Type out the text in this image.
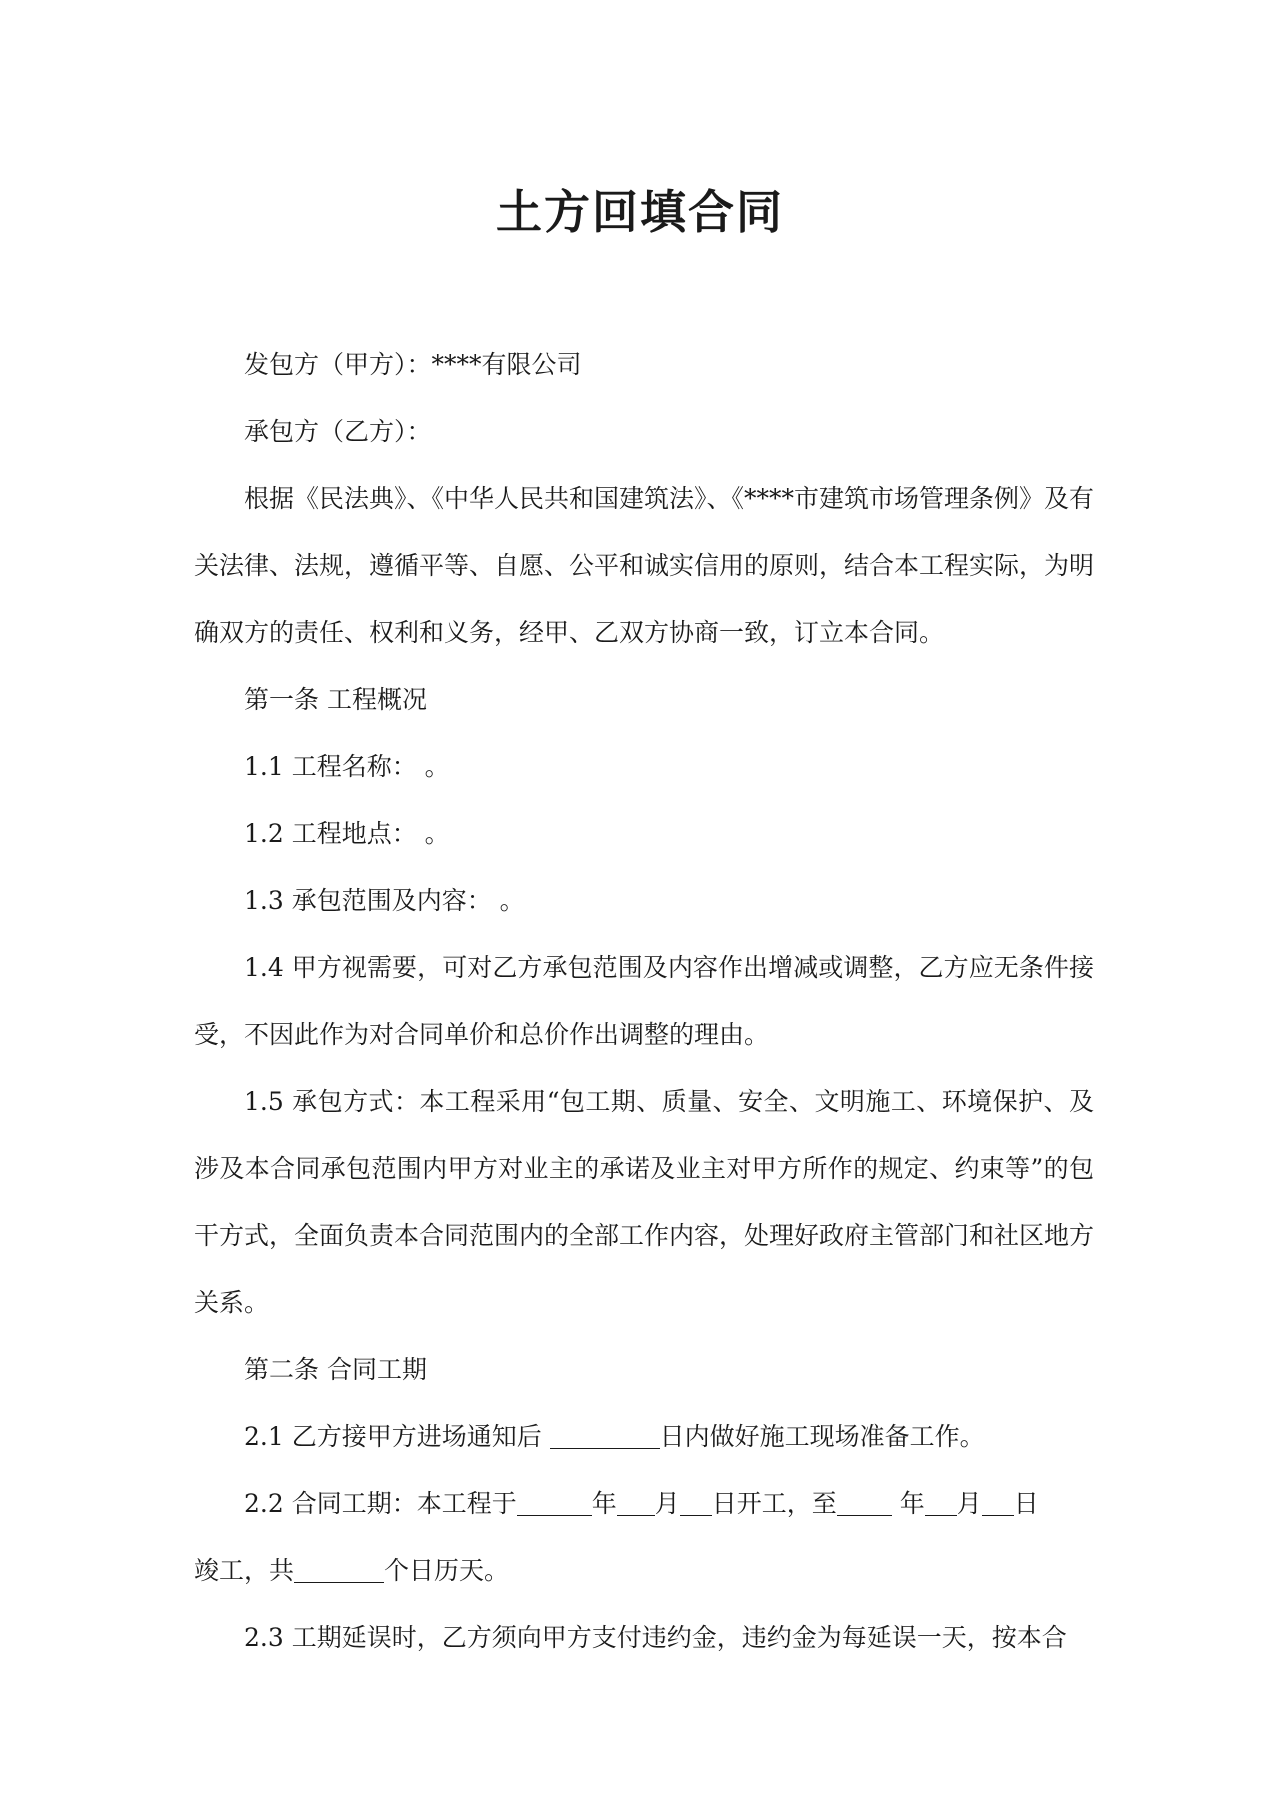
土方回填合同

发包方（甲方）：****有限公司

承包方（乙方）：

根据《民法典》、《中华人民共和国建筑法》、《****市建筑市场管理条例》及有关法律、法规，遵循平等、自愿、公平和诚实信用的原则，结合本工程实际，为明确双方的责任、权利和义务，经甲、乙双方协商一致，订立本合同。

第一条 工程概况

1.1 工程名称： 。

1.2 工程地点： 。

1.3 承包范围及内容： 。

1.4 甲方视需要，可对乙方承包范围及内容作出增减或调整，乙方应无条件接受，不因此作为对合同单价和总价作出调整的理由。

1.5 承包方式：本工程采用“包工期、质量、安全、文明施工、环境保护、及涉及本合同承包范围内甲方对业主的承诺及业主对甲方所作的规定、约束等”的包干方式，全面负责本合同范围内的全部工作内容，处理好政府主管部门和社区地方关系。

第二条 合同工期

2.1 乙方接甲方进场通知后	日内做好施工现场准备工作。

2.2 合同工期：本工程于	年 月 日开工，至 年 月 日

竣工，共	个日历天。

2.3 工期延误时，乙方须向甲方支付违约金，违约金为每延误一天，按本合
